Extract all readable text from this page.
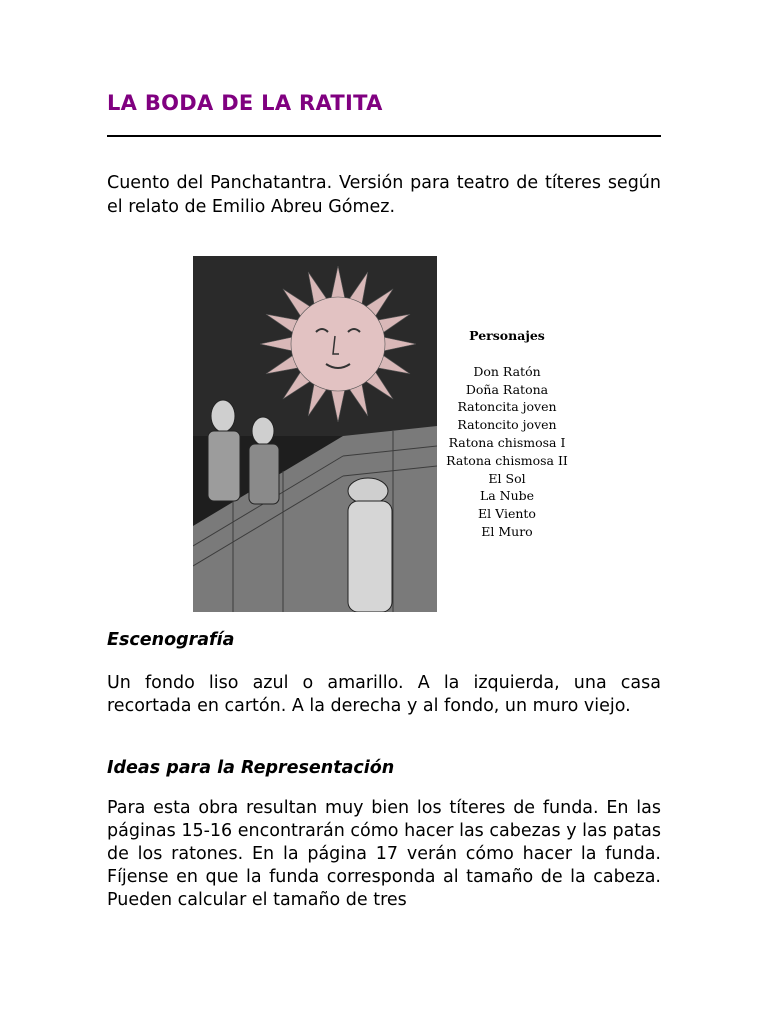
LA BODA DE LA RATITA

Cuento del Panchatantra. Versión para teatro de títeres según el relato de Emilio Abreu Gómez.

Personajes
Don Ratón
Doña Ratona
Ratoncita joven
Ratoncito joven
Ratona chismosa I
Ratona chismosa II
El Sol
La Nube
El Viento
El Muro
Escenografía

Un fondo liso azul o amarillo. A la izquierda, una casa recortada en cartón. A la derecha y al fondo, un muro viejo.

Ideas para la Representación

Para esta obra resultan muy bien los títeres de funda. En las páginas 15-16 encontrarán cómo hacer las cabezas y las patas de los ratones. En la página 17 verán cómo hacer la funda. Fíjense en que la funda corresponda al tamaño de la cabeza. Pueden calcular el tamaño de tres
